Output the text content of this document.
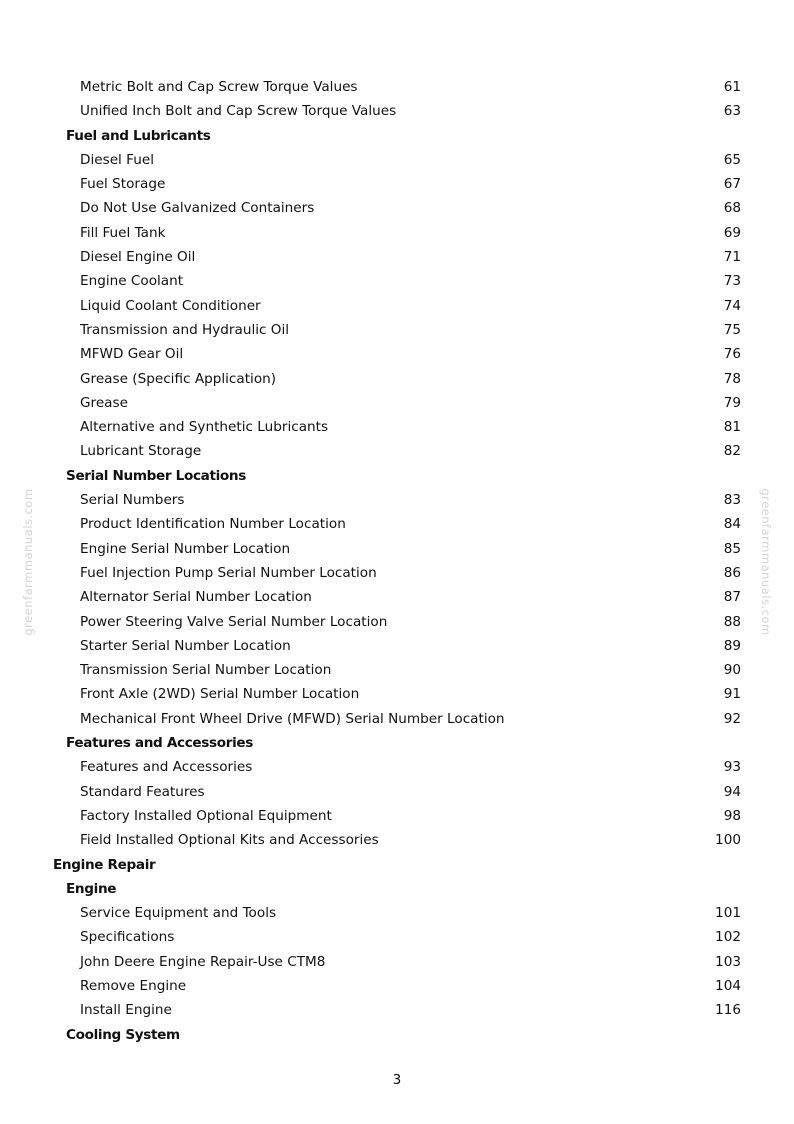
Metric Bolt and Cap Screw Torque Values	61
Unified Inch Bolt and Cap Screw Torque Values	63
Fuel and Lubricants
Diesel Fuel	65
Fuel Storage	67
Do Not Use Galvanized Containers	68
Fill Fuel Tank	69
Diesel Engine Oil	71
Engine Coolant	73
Liquid Coolant Conditioner	74
Transmission and Hydraulic Oil	75
MFWD Gear Oil	76
Grease (Specific Application)	78
Grease	79
Alternative and Synthetic Lubricants	81
Lubricant Storage	82
Serial Number Locations
Serial Numbers	83
Product Identification Number Location	84
Engine Serial Number Location	85
Fuel Injection Pump Serial Number Location	86
Alternator Serial Number Location	87
Power Steering Valve Serial Number Location	88
Starter Serial Number Location	89
Transmission Serial Number Location	90
Front Axle (2WD) Serial Number Location	91
Mechanical Front Wheel Drive (MFWD) Serial Number Location	92
Features and Accessories
Features and Accessories	93
Standard Features	94
Factory Installed Optional Equipment	98
Field Installed Optional Kits and Accessories	100
Engine Repair
Engine
Service Equipment and Tools	101
Specifications	102
John Deere Engine Repair-Use CTM8	103
Remove Engine	104
Install Engine	116
Cooling System
greenfarmmanuals.com	greenfarmmanuals.com
3
